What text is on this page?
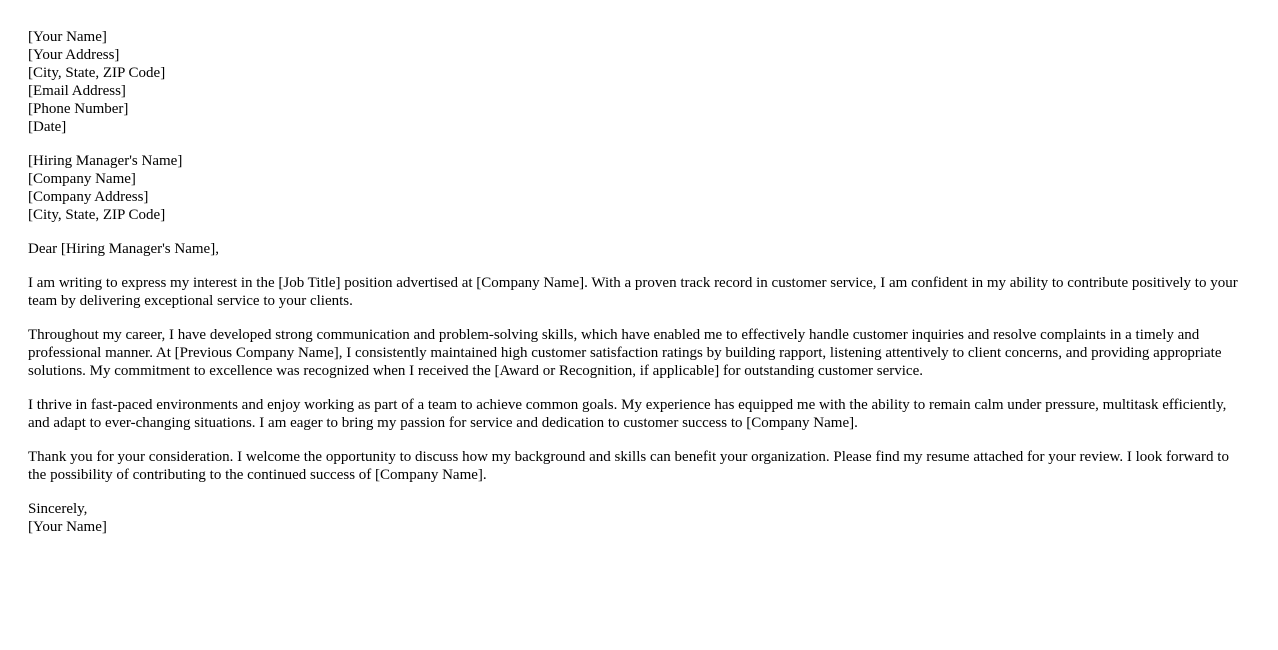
[Your Name]
[Your Address]
[City, State, ZIP Code]
[Email Address]
[Phone Number]
[Date]
[Hiring Manager's Name]
[Company Name]
[Company Address]
[City, State, ZIP Code]

Dear [Hiring Manager's Name],

I am writing to express my interest in the [Job Title] position advertised at [Company Name]. With a proven track record in customer service, I am confident in my ability to contribute positively to your team by delivering exceptional service to your clients.

Throughout my career, I have developed strong communication and problem-solving skills, which have enabled me to effectively handle customer inquiries and resolve complaints in a timely and professional manner. At [Previous Company Name], I consistently maintained high customer satisfaction ratings by building rapport, listening attentively to client concerns, and providing appropriate solutions. My commitment to excellence was recognized when I received the [Award or Recognition, if applicable] for outstanding customer service.

I thrive in fast-paced environments and enjoy working as part of a team to achieve common goals. My experience has equipped me with the ability to remain calm under pressure, multitask efficiently, and adapt to ever-changing situations. I am eager to bring my passion for service and dedication to customer success to [Company Name].

Thank you for your consideration. I welcome the opportunity to discuss how my background and skills can benefit your organization. Please find my resume attached for your review. I look forward to the possibility of contributing to the continued success of [Company Name].

Sincerely,
[Your Name]
